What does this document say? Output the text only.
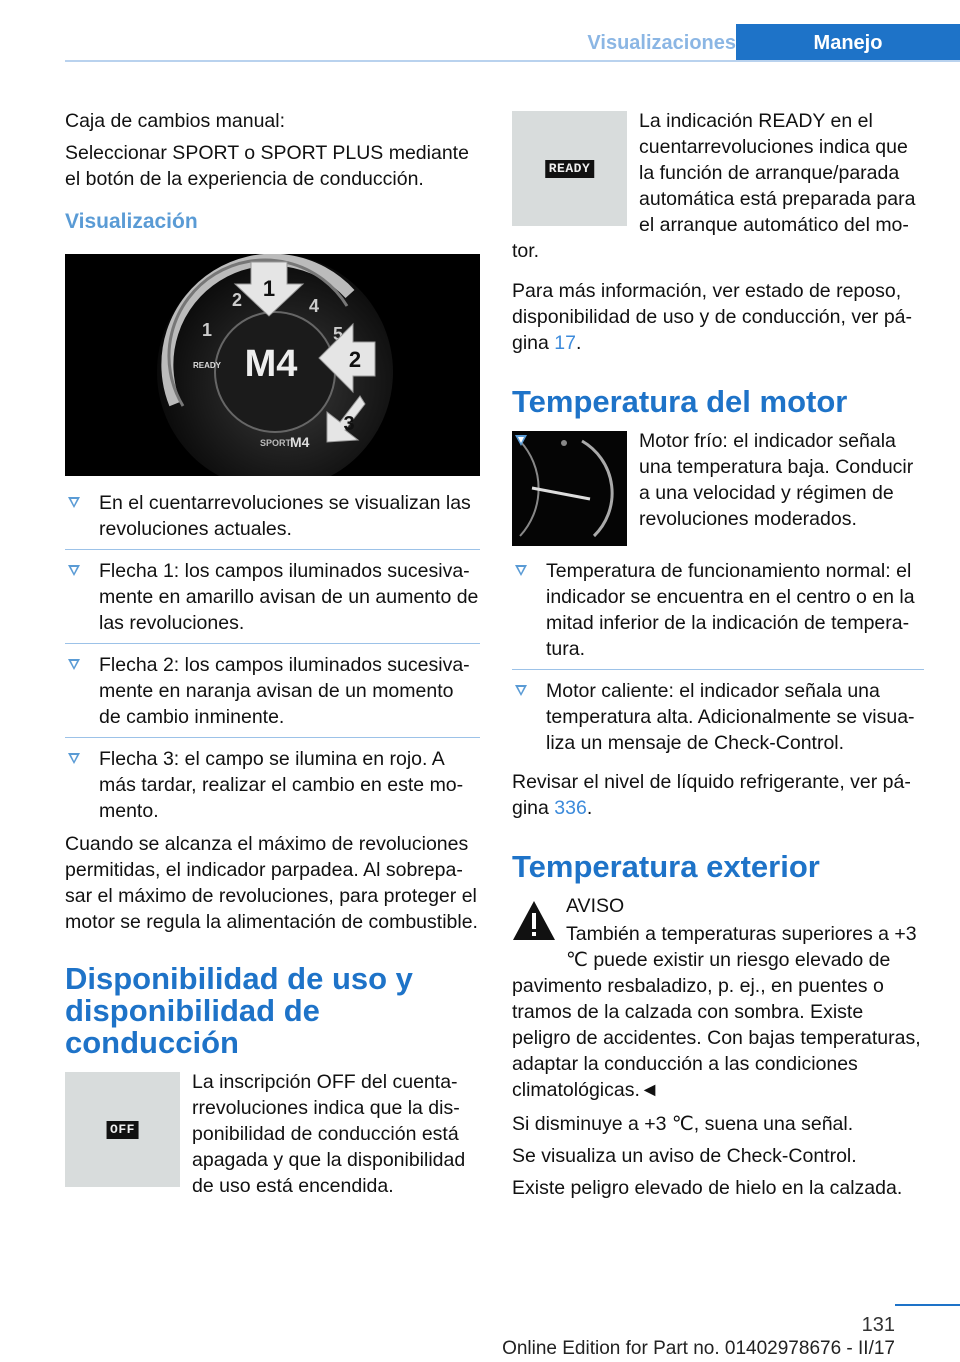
Visualizaciones	Manejo

Caja de cambios manual:

Seleccionar SPORT o SPORT PLUS mediante el botón de la experiencia de conducción.

Visualización
M4
READY
1
2	4
5
SPORT
M4
1
2
3
En el cuentarrevoluciones se visualizan las revoluciones actuales.
Flecha 1: los campos iluminados sucesivamente en amarillo avisan de un aumento de las revoluciones.
Flecha 2: los campos iluminados sucesivamente en naranja avisan de un momento de cambio inminente.
Flecha 3: el campo se ilumina en rojo. A más tardar, realizar el cambio en este momento.

Cuando se alcanza el máximo de revoluciones permitidas, el indicador parpadea. Al sobrepasar el máximo de revoluciones, para proteger el motor se regula la alimentación de combustible.

Disponibilidad de uso y disponibilidad de conducción
OFF

La inscripción OFF del cuentarrevoluciones indica que la disponibilidad de conducción está apagada y que la disponibilidad de uso está encendida.

READY

La indicación READY en el cuentarrevoluciones indica que la función de arranque/parada automática está preparada para el arranque automático del motor.

Para más información, ver estado de reposo, disponibilidad de uso y de conducción, ver página 17.

Temperatura del motor
Motor frío: el indicador señala una temperatura baja. Conducir a una velocidad y régimen de revoluciones moderados.
Temperatura de funcionamiento normal: el indicador se encuentra en el centro o en la mitad inferior de la indicación de temperatura.
Motor caliente: el indicador señala una temperatura alta. Adicionalmente se visualiza un mensaje de Check-Control.

Revisar el nivel de líquido refrigerante, ver página 336.

Temperatura exterior

AVISO

También a temperaturas superiores a +3 ℃ puede existir un riesgo elevado de pavimento resbaladizo, p. ej., en puentes o tramos de la calzada con sombra. Existe peligro de accidentes. Con bajas temperaturas, adaptar la conducción a las condiciones climatológicas.◄

Si disminuye a +3 ℃, suena una señal.

Se visualiza un aviso de Check-Control.

Existe peligro elevado de hielo en la calzada.

131
Online Edition for Part no. 01402978676 - II/17
